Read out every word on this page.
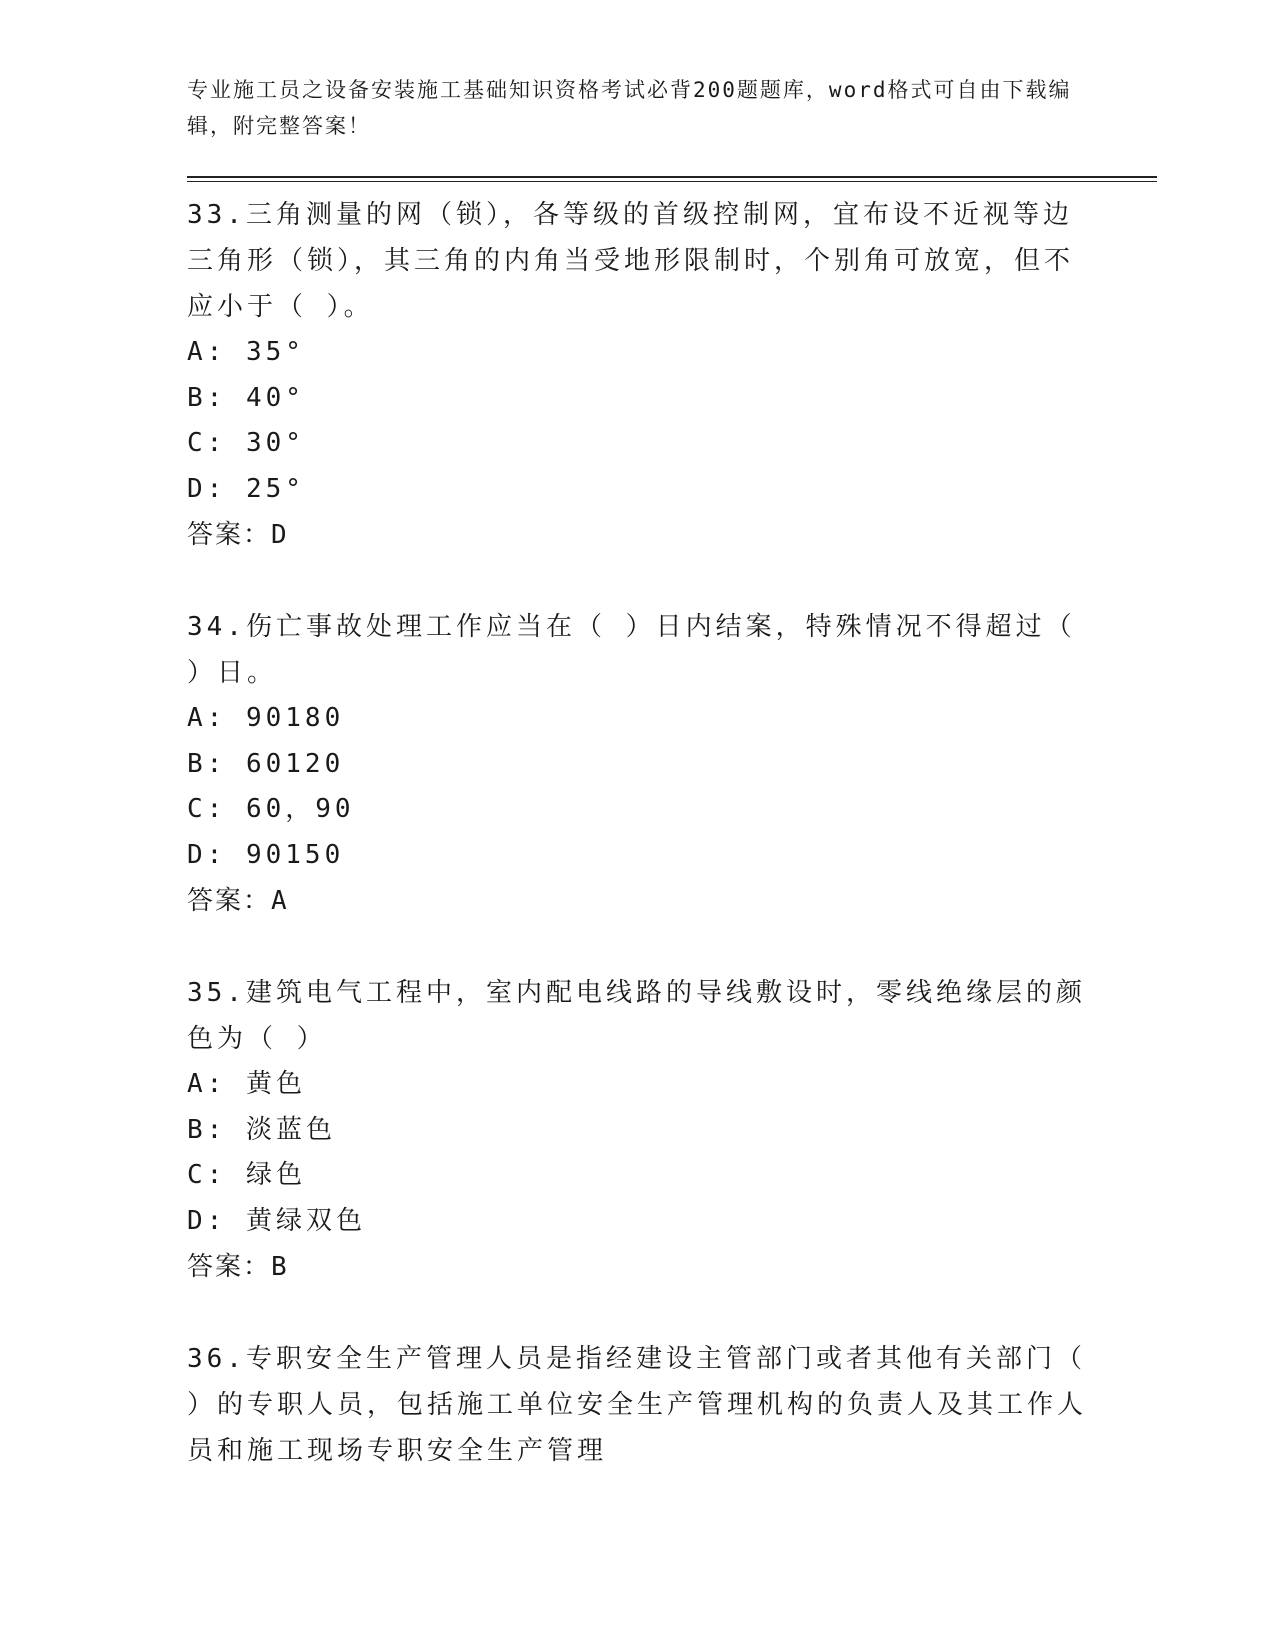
专业施工员之设备安装施工基础知识资格考试必背200题题库，word格式可自由下载编辑，附完整答案！
33.三角测量的网（锁），各等级的首级控制网，宜布设不近视等边三角形（锁），其三角的内角当受地形限制时，个别角可放宽，但不应小于（ ）。
A: 35°
B: 40°
C: 30°
D: 25°
答案：D
34.伤亡事故处理工作应当在（ ）日内结案，特殊情况不得超过（ ）日。
A: 90180
B: 60120
C: 60，90
D: 90150
答案：A
35.建筑电气工程中，室内配电线路的导线敷设时，零线绝缘层的颜色为（ ）
A: 黄色
B: 淡蓝色
C: 绿色
D: 黄绿双色
答案：B
36.专职安全生产管理人员是指经建设主管部门或者其他有关部门（ ）的专职人员，包括施工单位安全生产管理机构的负责人及其工作人员和施工现场专职安全生产管理
